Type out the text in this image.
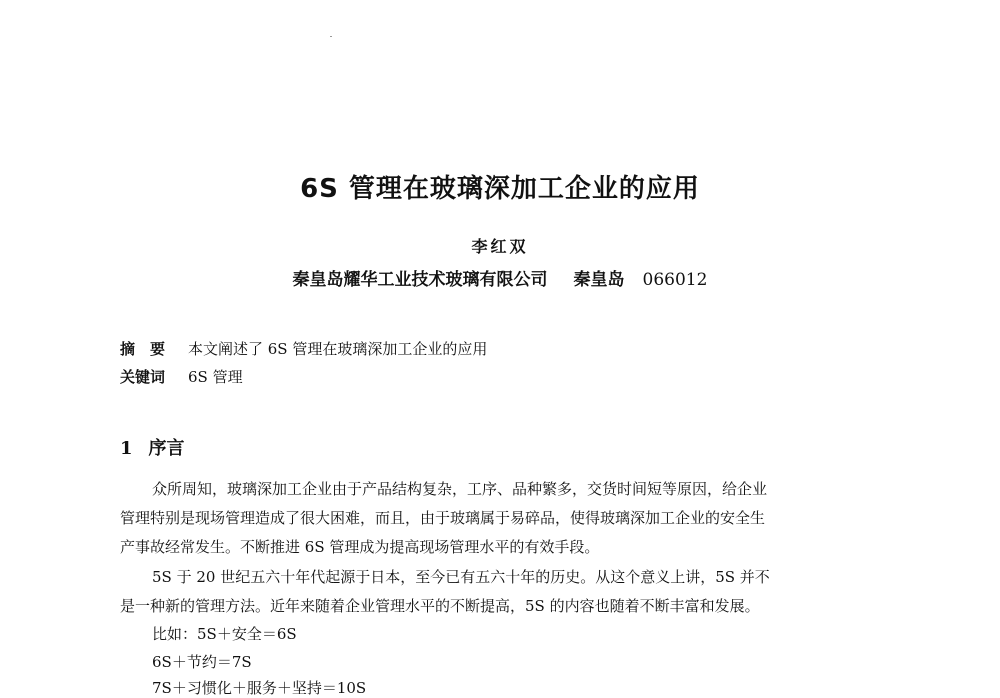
6S 管理在玻璃深加工企业的应用
李红双
秦皇岛耀华工业技术玻璃有限公司 秦皇岛 066012
摘　要 本文阐述了 6S 管理在玻璃深加工企业的应用
关键词 6S 管理
1 序言
众所周知，玻璃深加工企业由于产品结构复杂，工序、品种繁多，交货时间短等原因，给企业
管理特别是现场管理造成了很大困难，而且，由于玻璃属于易碎品，使得玻璃深加工企业的安全生
产事故经常发生。不断推进 6S 管理成为提高现场管理水平的有效手段。
5S 于 20 世纪五六十年代起源于日本，至今已有五六十年的历史。从这个意义上讲，5S 并不
是一种新的管理方法。近年来随着企业管理水平的不断提高，5S 的内容也随着不断丰富和发展。
比如：5S＋安全＝6S
6S＋节约＝7S
7S＋习惯化＋服务＋坚持＝10S
